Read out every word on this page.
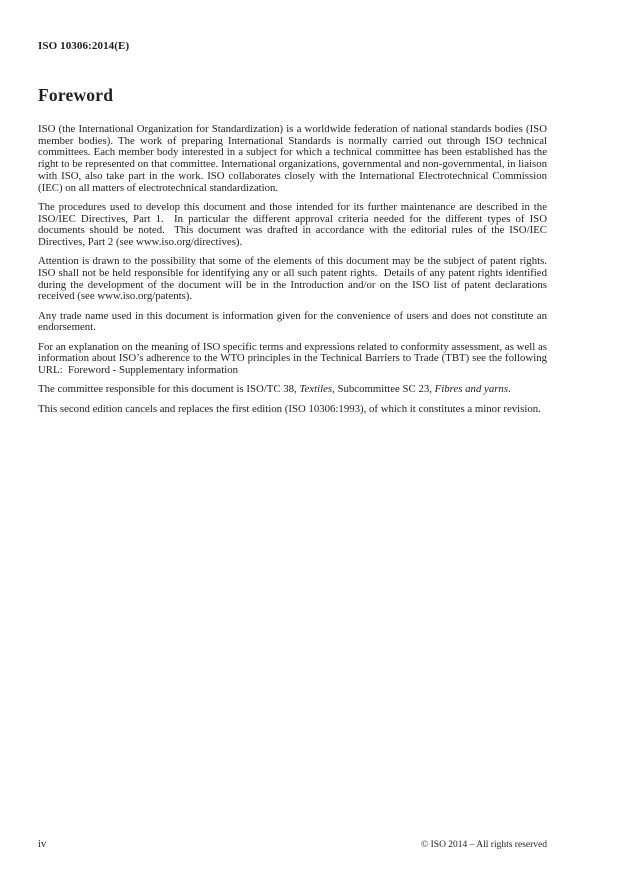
ISO 10306:2014(E)
Foreword

ISO (the International Organization for Standardization) is a worldwide federation of national standards bodies (ISO member bodies). The work of preparing International Standards is normally carried out through ISO technical committees. Each member body interested in a subject for which a technical committee has been established has the right to be represented on that committee. International organizations, governmental and non-governmental, in liaison with ISO, also take part in the work. ISO collaborates closely with the International Electrotechnical Commission (IEC) on all matters of electrotechnical standardization.

The procedures used to develop this document and those intended for its further maintenance are described in the ISO/IEC Directives, Part 1.  In particular the different approval criteria needed for the different types of ISO documents should be noted.  This document was drafted in accordance with the editorial rules of the ISO/IEC Directives, Part 2 (see www.iso.org/directives).

Attention is drawn to the possibility that some of the elements of this document may be the subject of patent rights. ISO shall not be held responsible for identifying any or all such patent rights.  Details of any patent rights identified during the development of the document will be in the Introduction and/or on the ISO list of patent declarations received (see www.iso.org/patents).

Any trade name used in this document is information given for the convenience of users and does not constitute an endorsement.

For an explanation on the meaning of ISO specific terms and expressions related to conformity assessment, as well as information about ISO’s adherence to the WTO principles in the Technical Barriers to Trade (TBT) see the following URL:  Foreword - Supplementary information

The committee responsible for this document is ISO/TC 38, Textiles, Subcommittee SC 23, Fibres and yarns.

This second edition cancels and replaces the first edition (ISO 10306:1993), of which it constitutes a minor revision.

iv	© ISO 2014 – All rights reserved
